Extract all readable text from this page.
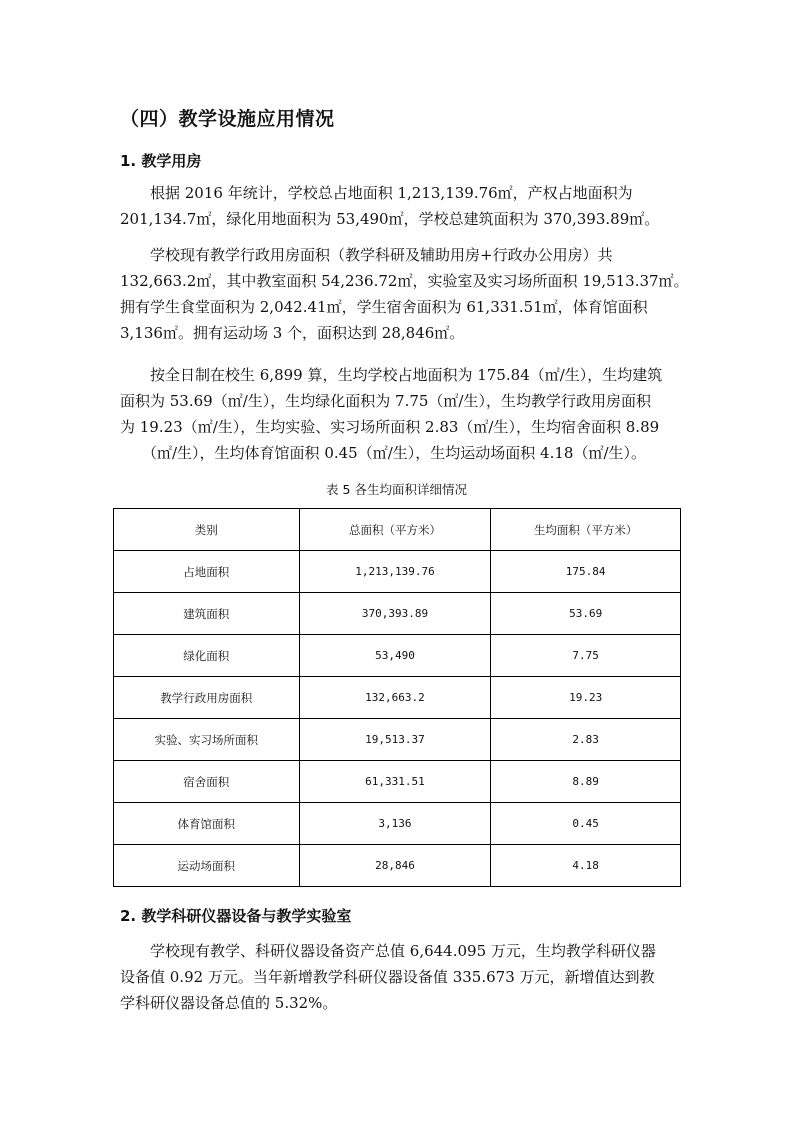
（四）教学设施应用情况
1. 教学用房
根据 2016 年统计，学校总占地面积 1,213,139.76㎡，产权占地面积为
201,134.7㎡，绿化用地面积为 53,490㎡，学校总建筑面积为 370,393.89㎡。
学校现有教学行政用房面积（教学科研及辅助用房+行政办公用房）共
132,663.2㎡，其中教室面积 54,236.72㎡，实验室及实习场所面积 19,513.37㎡。
拥有学生食堂面积为 2,042.41㎡，学生宿舍面积为 61,331.51㎡，体育馆面积
3,136㎡。拥有运动场 3 个，面积达到 28,846㎡。
按全日制在校生 6,899 算，生均学校占地面积为 175.84（㎡/生），生均建筑
面积为 53.69（㎡/生），生均绿化面积为 7.75（㎡/生），生均教学行政用房面积
为 19.23（㎡/生），生均实验、实习场所面积 2.83（㎡/生），生均宿舍面积 8.89
（㎡/生），生均体育馆面积 0.45（㎡/生），生均运动场面积 4.18（㎡/生）。
表 5 各生均面积详细情况
类别	总面积（平方米）	生均面积（平方米）
占地面积	1,213,139.76	175.84
建筑面积	370,393.89	53.69
绿化面积	53,490	7.75
教学行政用房面积	132,663.2	19.23
实验、实习场所面积	19,513.37	2.83
宿舍面积	61,331.51	8.89
体育馆面积	3,136	0.45
运动场面积	28,846	4.18
2. 教学科研仪器设备与教学实验室
学校现有教学、科研仪器设备资产总值 6,644.095 万元，生均教学科研仪器
设备值 0.92 万元。当年新增教学科研仪器设备值 335.673 万元，新增值达到教
学科研仪器设备总值的 5.32%。
